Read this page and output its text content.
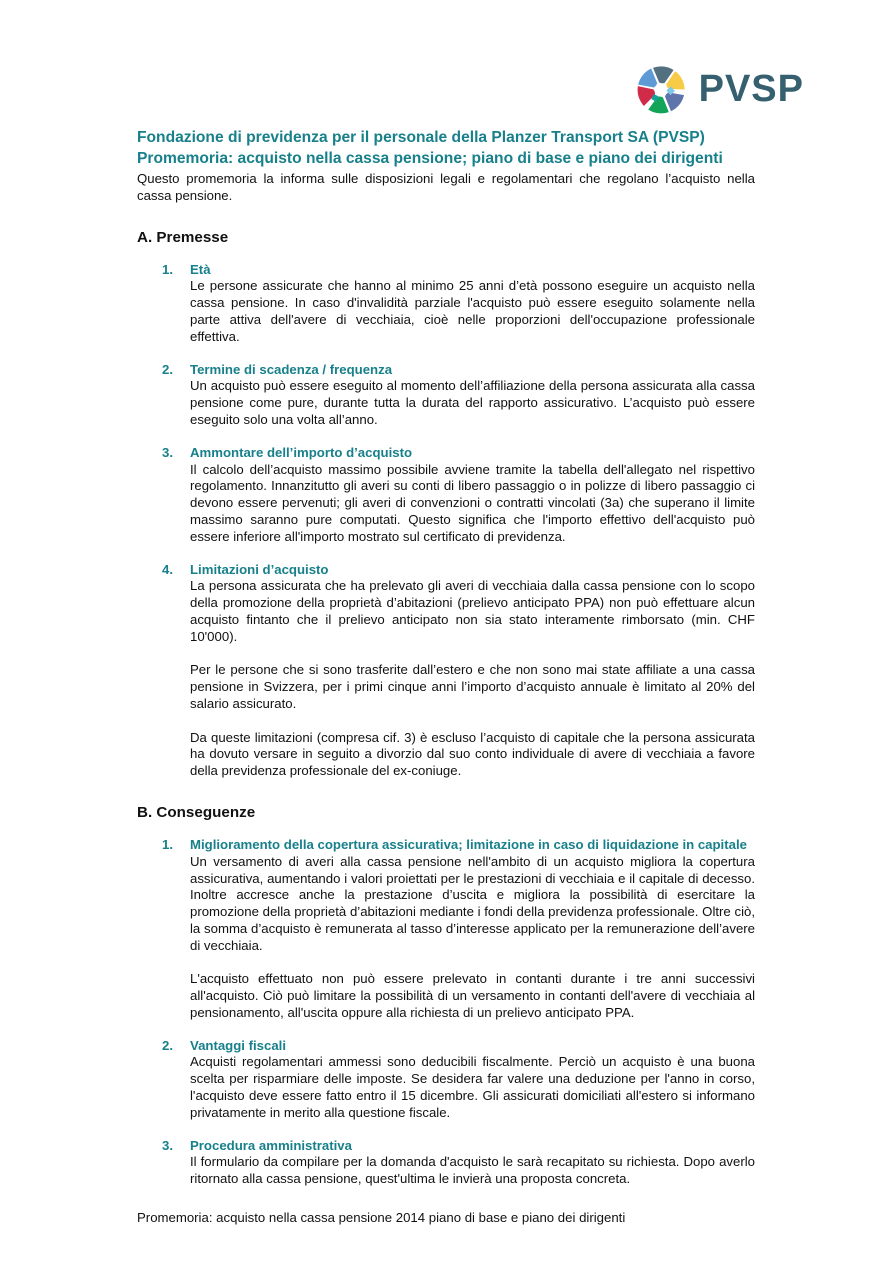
PVSP
Fondazione di previdenza per il personale della Planzer Transport SA (PVSP)
Promemoria: acquisto nella cassa pensione; piano di base e piano dei dirigenti
Questo promemoria la informa sulle disposizioni legali e regolamentari che regolano l’acquisto nella cassa pensione.
A. Premesse
1.	Età

Le persone assicurate che hanno al minimo 25 anni d’età possono eseguire un acquisto nella cassa pensione. In caso d'invalidità parziale l'acquisto può essere eseguito solamente nella parte attiva dell'avere di vecchiaia, cioè nelle proporzioni dell'occupazione professionale effettiva.

2.	Termine di scadenza / frequenza

Un acquisto può essere eseguito al momento dell’affiliazione della persona assicurata alla cassa pensione come pure, durante tutta la durata del rapporto assicurativo. L’acquisto può essere eseguito solo una volta all’anno.

3.	Ammontare dell’importo d’acquisto

Il calcolo dell’acquisto massimo possibile avviene tramite la tabella dell'allegato nel rispettivo regolamento. Innanzitutto gli averi su conti di libero passaggio o in polizze di libero passaggio ci devono essere pervenuti; gli averi di convenzioni o contratti vincolati (3a) che superano il limite massimo saranno pure computati. Questo significa che l'importo effettivo dell'acquisto può essere inferiore all'importo mostrato sul certificato di previdenza.

4.	Limitazioni d’acquisto

La persona assicurata che ha prelevato gli averi di vecchiaia dalla cassa pensione con lo scopo della promozione della proprietà d’abitazioni (prelievo anticipato PPA) non può effettuare alcun acquisto fintanto che il prelievo anticipato non sia stato interamente rimborsato (min. CHF 10'000).

Per le persone che si sono trasferite dall’estero e che non sono mai state affiliate a una cassa pensione in Svizzera, per i primi cinque anni l’importo d’acquisto annuale è limitato al 20% del salario assicurato.

Da queste limitazioni (compresa cif. 3) è escluso l’acquisto di capitale che la persona assicurata ha dovuto versare in seguito a divorzio dal suo conto individuale di avere di vecchiaia a favore della previdenza professionale del ex-coniuge.

B. Conseguenze
1.	Miglioramento della copertura assicurativa; limitazione in caso di liquidazione in capitale

Un versamento di averi alla cassa pensione nell'ambito di un acquisto migliora la copertura assicurativa, aumentando i valori proiettati per le prestazioni di vecchiaia e il capitale di decesso. Inoltre accresce anche la prestazione d’uscita e migliora la possibilità di esercitare la promozione della proprietà d’abitazioni mediante i fondi della previdenza professionale. Oltre ciò, la somma d’acquisto è remunerata al tasso d’interesse applicato per la remunerazione dell’avere di vecchiaia.

L'acquisto effettuato non può essere prelevato in contanti durante i tre anni successivi all'acquisto. Ciò può limitare la possibilità di un versamento in contanti dell'avere di vecchiaia al pensionamento, all'uscita oppure alla richiesta di un prelievo anticipato PPA.

2.	Vantaggi fiscali

Acquisti regolamentari ammessi sono deducibili fiscalmente. Perciò un acquisto è una buona scelta per risparmiare delle imposte. Se desidera far valere una deduzione per l'anno in corso, l'acquisto deve essere fatto entro il 15 dicembre. Gli assicurati domiciliati all'estero si informano privatamente in merito alla questione fiscale.

3.	Procedura amministrativa

Il formulario da compilare per la domanda d'acquisto le sarà recapitato su richiesta. Dopo averlo ritornato alla cassa pensione, quest'ultima le invierà una proposta concreta.

Promemoria: acquisto nella cassa pensione 2014 piano di base e piano dei dirigenti
